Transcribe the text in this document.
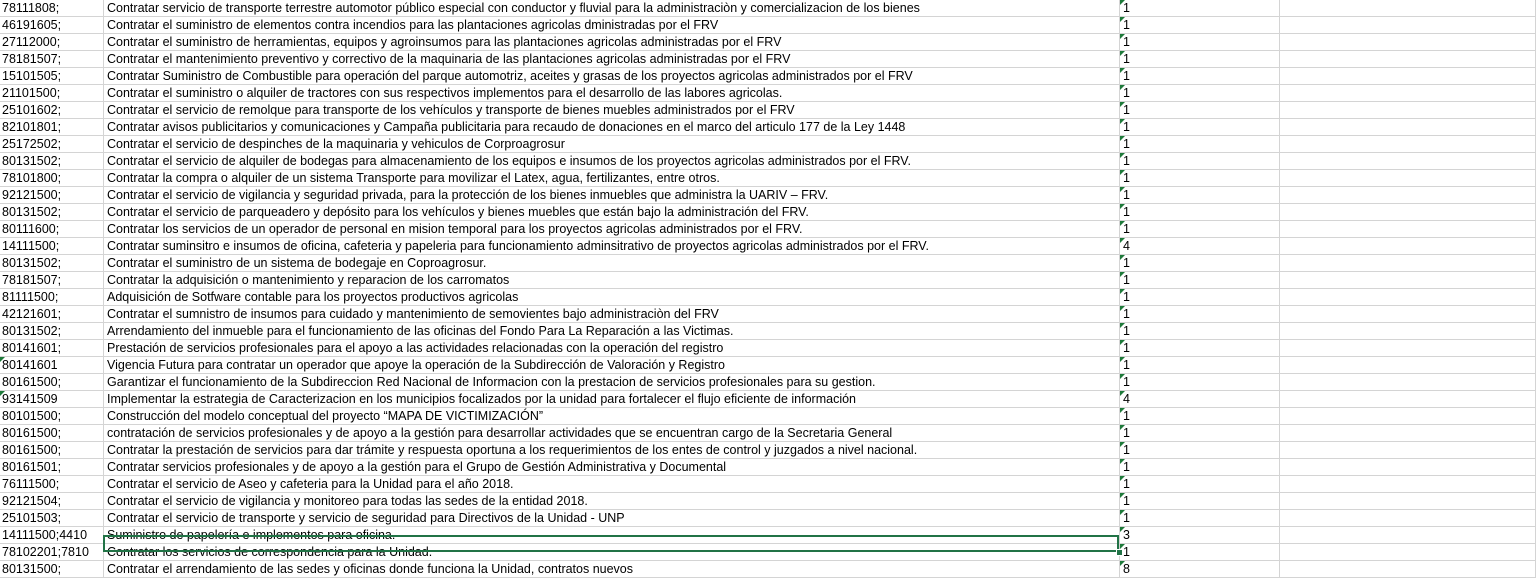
78111808;	Contratar servicio de transporte terrestre automotor público especial con conductor y fluvial para la administraciòn y comercializacion de los bienes	1
46191605;	Contratar el suministro de elementos contra incendios para las plantaciones agricolas dministradas por el FRV	1
27112000;	Contratar el suministro de herramientas, equipos y agroinsumos para las plantaciones agricolas administradas por el FRV	1
78181507;	Contratar el mantenimiento preventivo y correctivo de la maquinaria de las plantaciones agricolas administradas por el FRV	1
15101505;	Contratar Suministro de Combustible para operación del parque automotriz, aceites y grasas de los proyectos agricolas administrados por el FRV	1
21101500;	Contratar el suministro o alquiler de tractores con sus respectivos implementos para el desarrollo de las labores agricolas.	1
25101602;	Contratar el servicio de remolque para transporte de los vehículos y transporte de bienes muebles administrados por el FRV	1
82101801;	Contratar avisos publicitarios y comunicaciones y Campaña publicitaria para recaudo de donaciones en el marco del articulo 177 de la Ley 1448	1
25172502;	Contratar el servicio de despinches de la maquinaria y vehiculos de Corproagrosur	1
80131502;	Contratar el servicio de alquiler de bodegas para almacenamiento de los equipos e insumos de los proyectos agricolas administrados por el FRV.	1
78101800;	Contratar la compra o alquiler de un sistema Transporte para movilizar el Latex, agua, fertilizantes, entre otros.	1
92121500;	Contratar el servicio de vigilancia y seguridad privada, para la protección de los bienes inmuebles que administra la UARIV – FRV.	1
80131502;	Contratar el servicio de parqueadero y depósito para los vehículos y bienes muebles que están bajo la administración del FRV.	1
80111600;	Contratar los servicios de un operador de personal en mision temporal para los proyectos agricolas administrados por el FRV.	1
14111500;	Contratar suminsitro e insumos de oficina, cafeteria y papeleria para funcionamiento adminsitrativo de proyectos agricolas administrados por el FRV.	4
80131502;	Contratar el suministro de un sistema de bodegaje en Coproagrosur.	1
78181507;	Contratar la adquisición o mantenimiento y reparacion de los carromatos	1
81111500;	Adquisición de Sotfware contable para los proyectos productivos agricolas	1
42121601;	Contratar el sumnistro de insumos para cuidado y mantenimiento de semovientes bajo administraciòn del FRV	1
80131502;	Arrendamiento del inmueble para el funcionamiento de las oficinas del Fondo Para La Reparación a las Victimas.	1
80141601;	Prestación de servicios profesionales para el apoyo a las actividades relacionadas con la operación del registro	1
80141601	Vigencia Futura para contratar un operador que apoye la operación de la Subdirección de Valoración y Registro	1
80161500;	Garantizar el funcionamiento de la Subdireccion Red Nacional de Informacion con la prestacion de servicios profesionales para su gestion.	1
93141509	Implementar la estrategia de Caracterizacion en los municipios focalizados por la unidad para fortalecer el flujo eficiente de información	4
80101500;	Construcción del modelo conceptual del proyecto “MAPA DE VICTIMIZACIÓN”	1
80161500;	contratación de servicios profesionales y de apoyo a la gestión para desarrollar actividades que se encuentran cargo de la Secretaria General	1
80161500;	Contratar la prestación de servicios para dar trámite y respuesta oportuna a los requerimientos de los entes de control y juzgados a nivel nacional.	1
80161501;	Contratar servicios profesionales y de apoyo a la gestión para el Grupo de Gestión Administrativa y Documental	1
76111500;	Contratar el servicio de Aseo y cafeteria para la Unidad para el año 2018.	1
92121504;	Contratar el servicio de vigilancia y monitoreo para todas las sedes de la entidad 2018.	1
25101503;	Contratar el servicio de transporte y servicio de seguridad para Directivos de la Unidad - UNP	1
14111500;4410	Suministro de papelería e implementos para oficina.	3
78102201;7810	Contratar los servicios de correspondencia para la Unidad.	1
80131500;	Contratar el arrendamiento de las sedes y oficinas donde funciona la Unidad, contratos nuevos	8
